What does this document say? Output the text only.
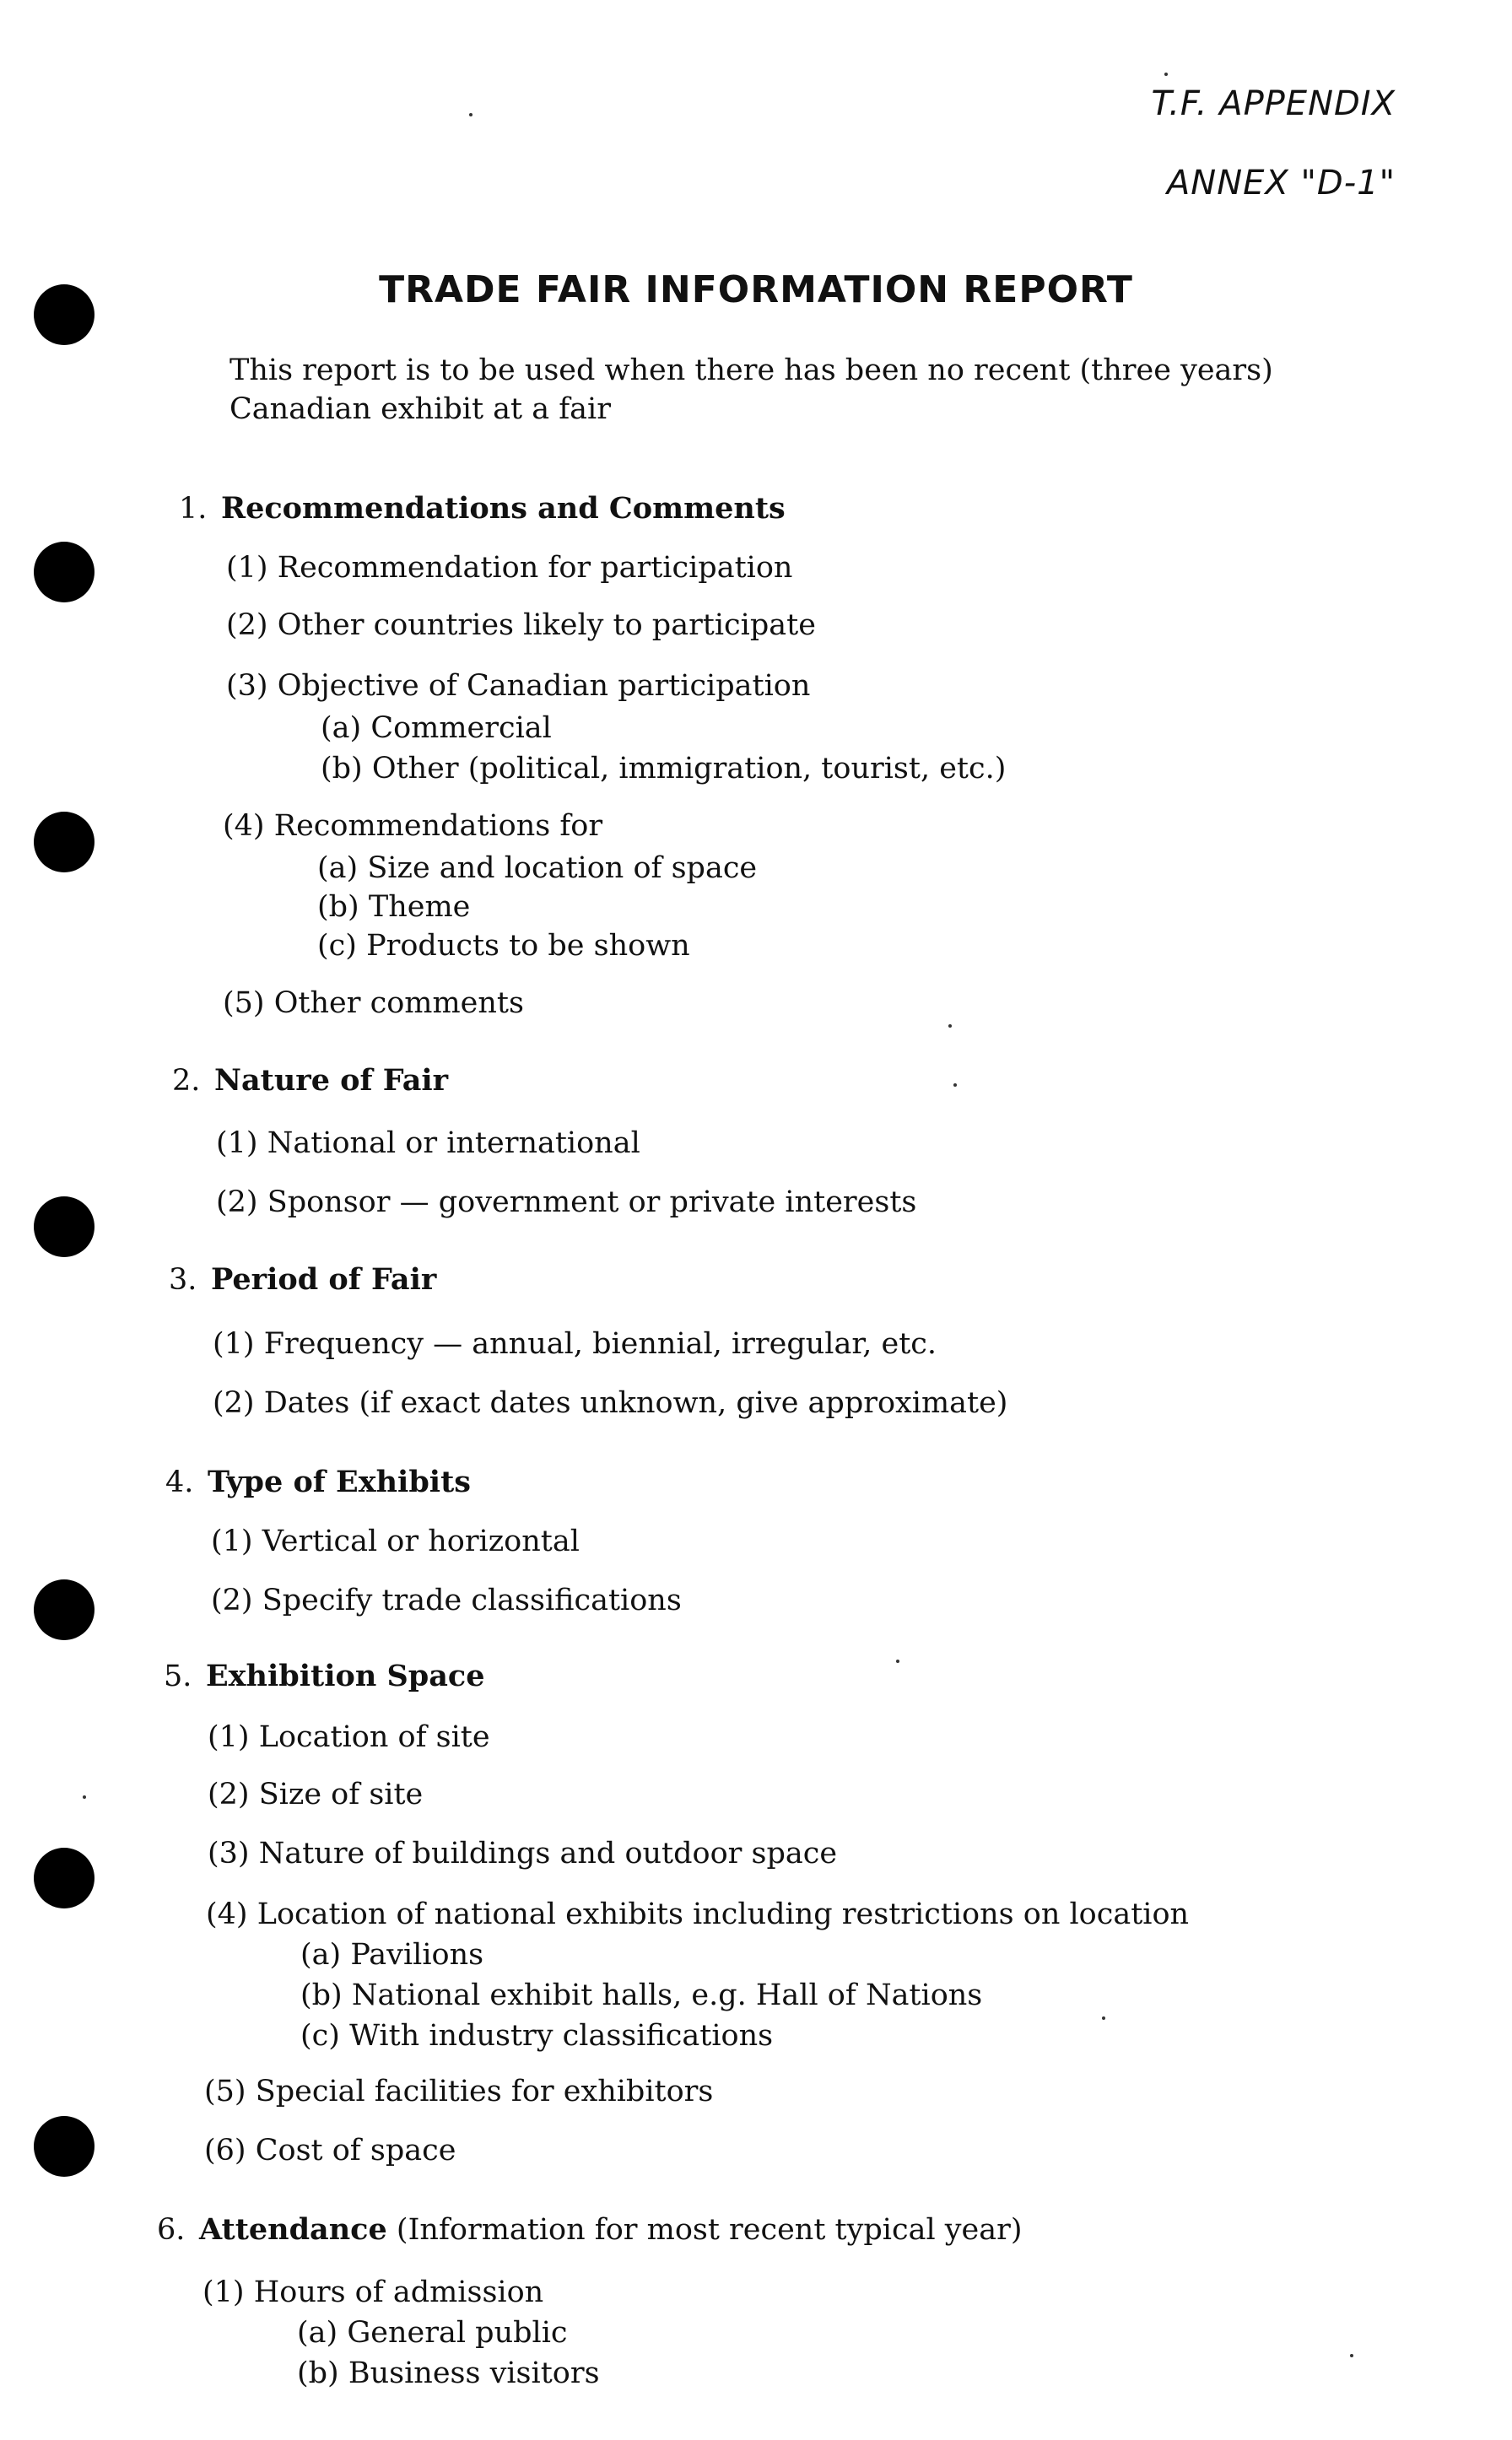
T.F. APPENDIX
ANNEX "D-1"
TRADE FAIR INFORMATION REPORT
This report is to be used when there has been no recent (three years)
Canadian exhibit at a fair
1. Recommendations and Comments
(1) Recommendation for participation
(2) Other countries likely to participate
(3) Objective of Canadian participation
(a) Commercial
(b) Other (political, immigration, tourist, etc.)
(4) Recommendations for
(a) Size and location of space
(b) Theme
(c) Products to be shown
(5) Other comments
2. Nature of Fair
(1) National or international
(2) Sponsor — government or private interests
3. Period of Fair
(1) Frequency — annual, biennial, irregular, etc.
(2) Dates (if exact dates unknown, give approximate)
4. Type of Exhibits
(1) Vertical or horizontal
(2) Specify trade classifications
5. Exhibition Space
(1) Location of site
(2) Size of site
(3) Nature of buildings and outdoor space
(4) Location of national exhibits including restrictions on location
(a) Pavilions
(b) National exhibit halls, e.g. Hall of Nations
(c) With industry classifications
(5) Special facilities for exhibitors
(6) Cost of space
6. Attendance (Information for most recent typical year)
(1) Hours of admission
(a) General public
(b) Business visitors
